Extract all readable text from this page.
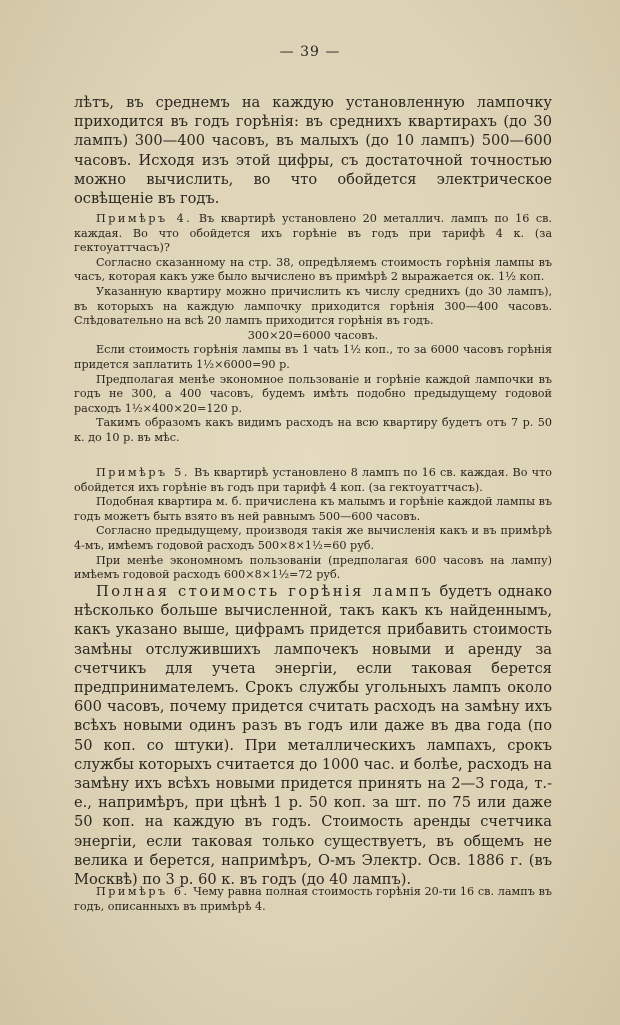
— 39 —

лѣтъ, въ среднемъ на каждую установленную лампочку приходится въ годъ горѣнія: въ среднихъ квартирахъ (до 30 лампъ) 300—400 часовъ, въ малыхъ (до 10 лампъ) 500—600 часовъ. Исходя изъ этой цифры, съ достаточной точностью можно вычислить, во что обойдется электрическое освѣщеніе въ годъ.

Примѣръ 4. Въ квартирѣ установлено 20 металлич. лампъ по 16 св. каждая. Во что обойдется ихъ горѣніе въ годъ при тарифѣ 4 к. (за гектоуаттчасъ)?

Согласно сказанному на стр. 38, опредѣляемъ стоимость горѣнія лампы въ часъ, которая какъ уже было вычислено въ примѣрѣ 2 выражается ок. 1½ коп.

Указанную квартиру можно причислить къ числу среднихъ (до 30 лампъ), въ которыхъ на каждую лампочку приходится горѣнія 300—400 часовъ. Слѣдовательно на всѣ 20 лампъ приходится горѣнія въ годъ.

300×20=6000 часовъ.

Если стоимость горѣнія лампы въ 1 чаtъ 1½ коп., то за 6000 часовъ горѣнія придется заплатить 1½×6000=90 р.

Предполагая менѣе экономное пользованіе и горѣніе каждой лампочки въ годъ не 300, а 400 часовъ, будемъ имѣть подобно предыдущему годовой расходъ 1½×400×20=120 р.

Такимъ образомъ какъ видимъ расходъ на всю квартиру будетъ отъ 7 р. 50 к. до 10 р. въ мѣс.

Примѣръ 5. Въ квартирѣ установлено 8 лампъ по 16 св. каждая. Во что обойдется ихъ горѣніе въ годъ при тарифѣ 4 коп. (за гектоуаттчасъ).

Подобная квартира м. б. причислена къ малымъ и горѣніе каждой лампы въ годъ можетъ быть взято въ ней равнымъ 500—600 часовъ.

Согласно предыдущему, производя такія же вычисленія какъ и въ примѣрѣ 4-мъ, имѣемъ годовой расходъ 500×8×1½=60 руб.

При менѣе экономномъ пользованіи (предполагая 600 часовъ на лампу) имѣемъ годовой расходъ 600×8×1½=72 руб.

Полная стоимость горѣнія лампъ будетъ однако нѣсколько больше вычисленной, такъ какъ къ найденнымъ, какъ указано выше, цифрамъ придется прибавить стоимость замѣны отслужившихъ лампочекъ новыми и аренду за счетчикъ для учета энергіи, если таковая берется предпринимателемъ. Срокъ службы угольныхъ лампъ около 600 часовъ, почему придется считать расходъ на замѣну ихъ всѣхъ новыми одинъ разъ въ годъ или даже въ два года (по 50 коп. со штуки). При металлическихъ лампахъ, срокъ службы которыхъ считается до 1000 час. и болѣе, расходъ на замѣну ихъ всѣхъ новыми придется принять на 2—3 года, т.-е., напримѣръ, при цѣнѣ 1 р. 50 коп. за шт. по 75 или даже 50 коп. на каждую въ годъ. Стоимость аренды счетчика энергіи, если таковая только существуетъ, въ общемъ не велика и берется, напримѣръ, О-мъ Электр. Осв. 1886 г. (въ Москвѣ) по 3 р. 60 к. въ годъ (до 40 лампъ).

Примѣръ 6. Чему равна полная стоимость горѣнія 20-ти 16 св. лампъ въ годъ, описанныхъ въ примѣрѣ 4.
